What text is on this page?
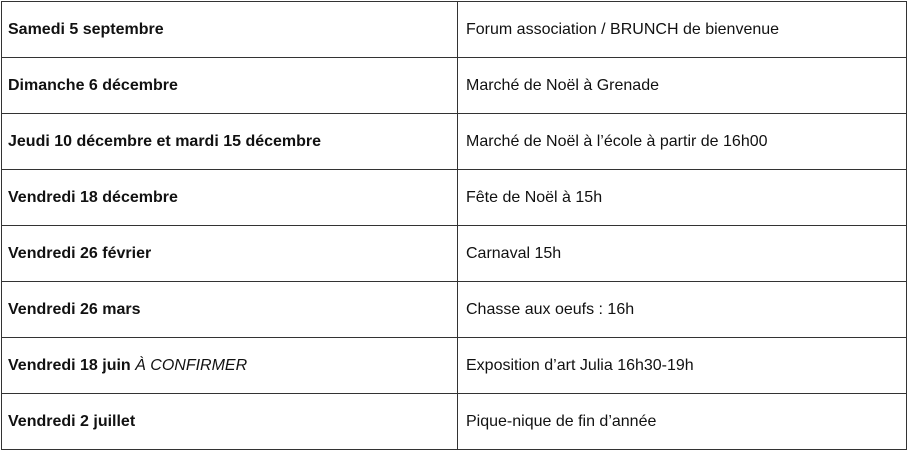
Samedi 5 septembre	Forum association / BRUNCH de bienvenue
Dimanche 6 décembre	Marché de Noël à Grenade
Jeudi 10 décembre et mardi 15 décembre	Marché de Noël à l’école à partir de 16h00
Vendredi 18 décembre	Fête de Noël à 15h
Vendredi 26 février	Carnaval 15h
Vendredi 26 mars	Chasse aux oeufs : 16h
Vendredi 18 juin À CONFIRMER	Exposition d’art Julia 16h30-19h
Vendredi 2 juillet	Pique-nique de fin d’année
